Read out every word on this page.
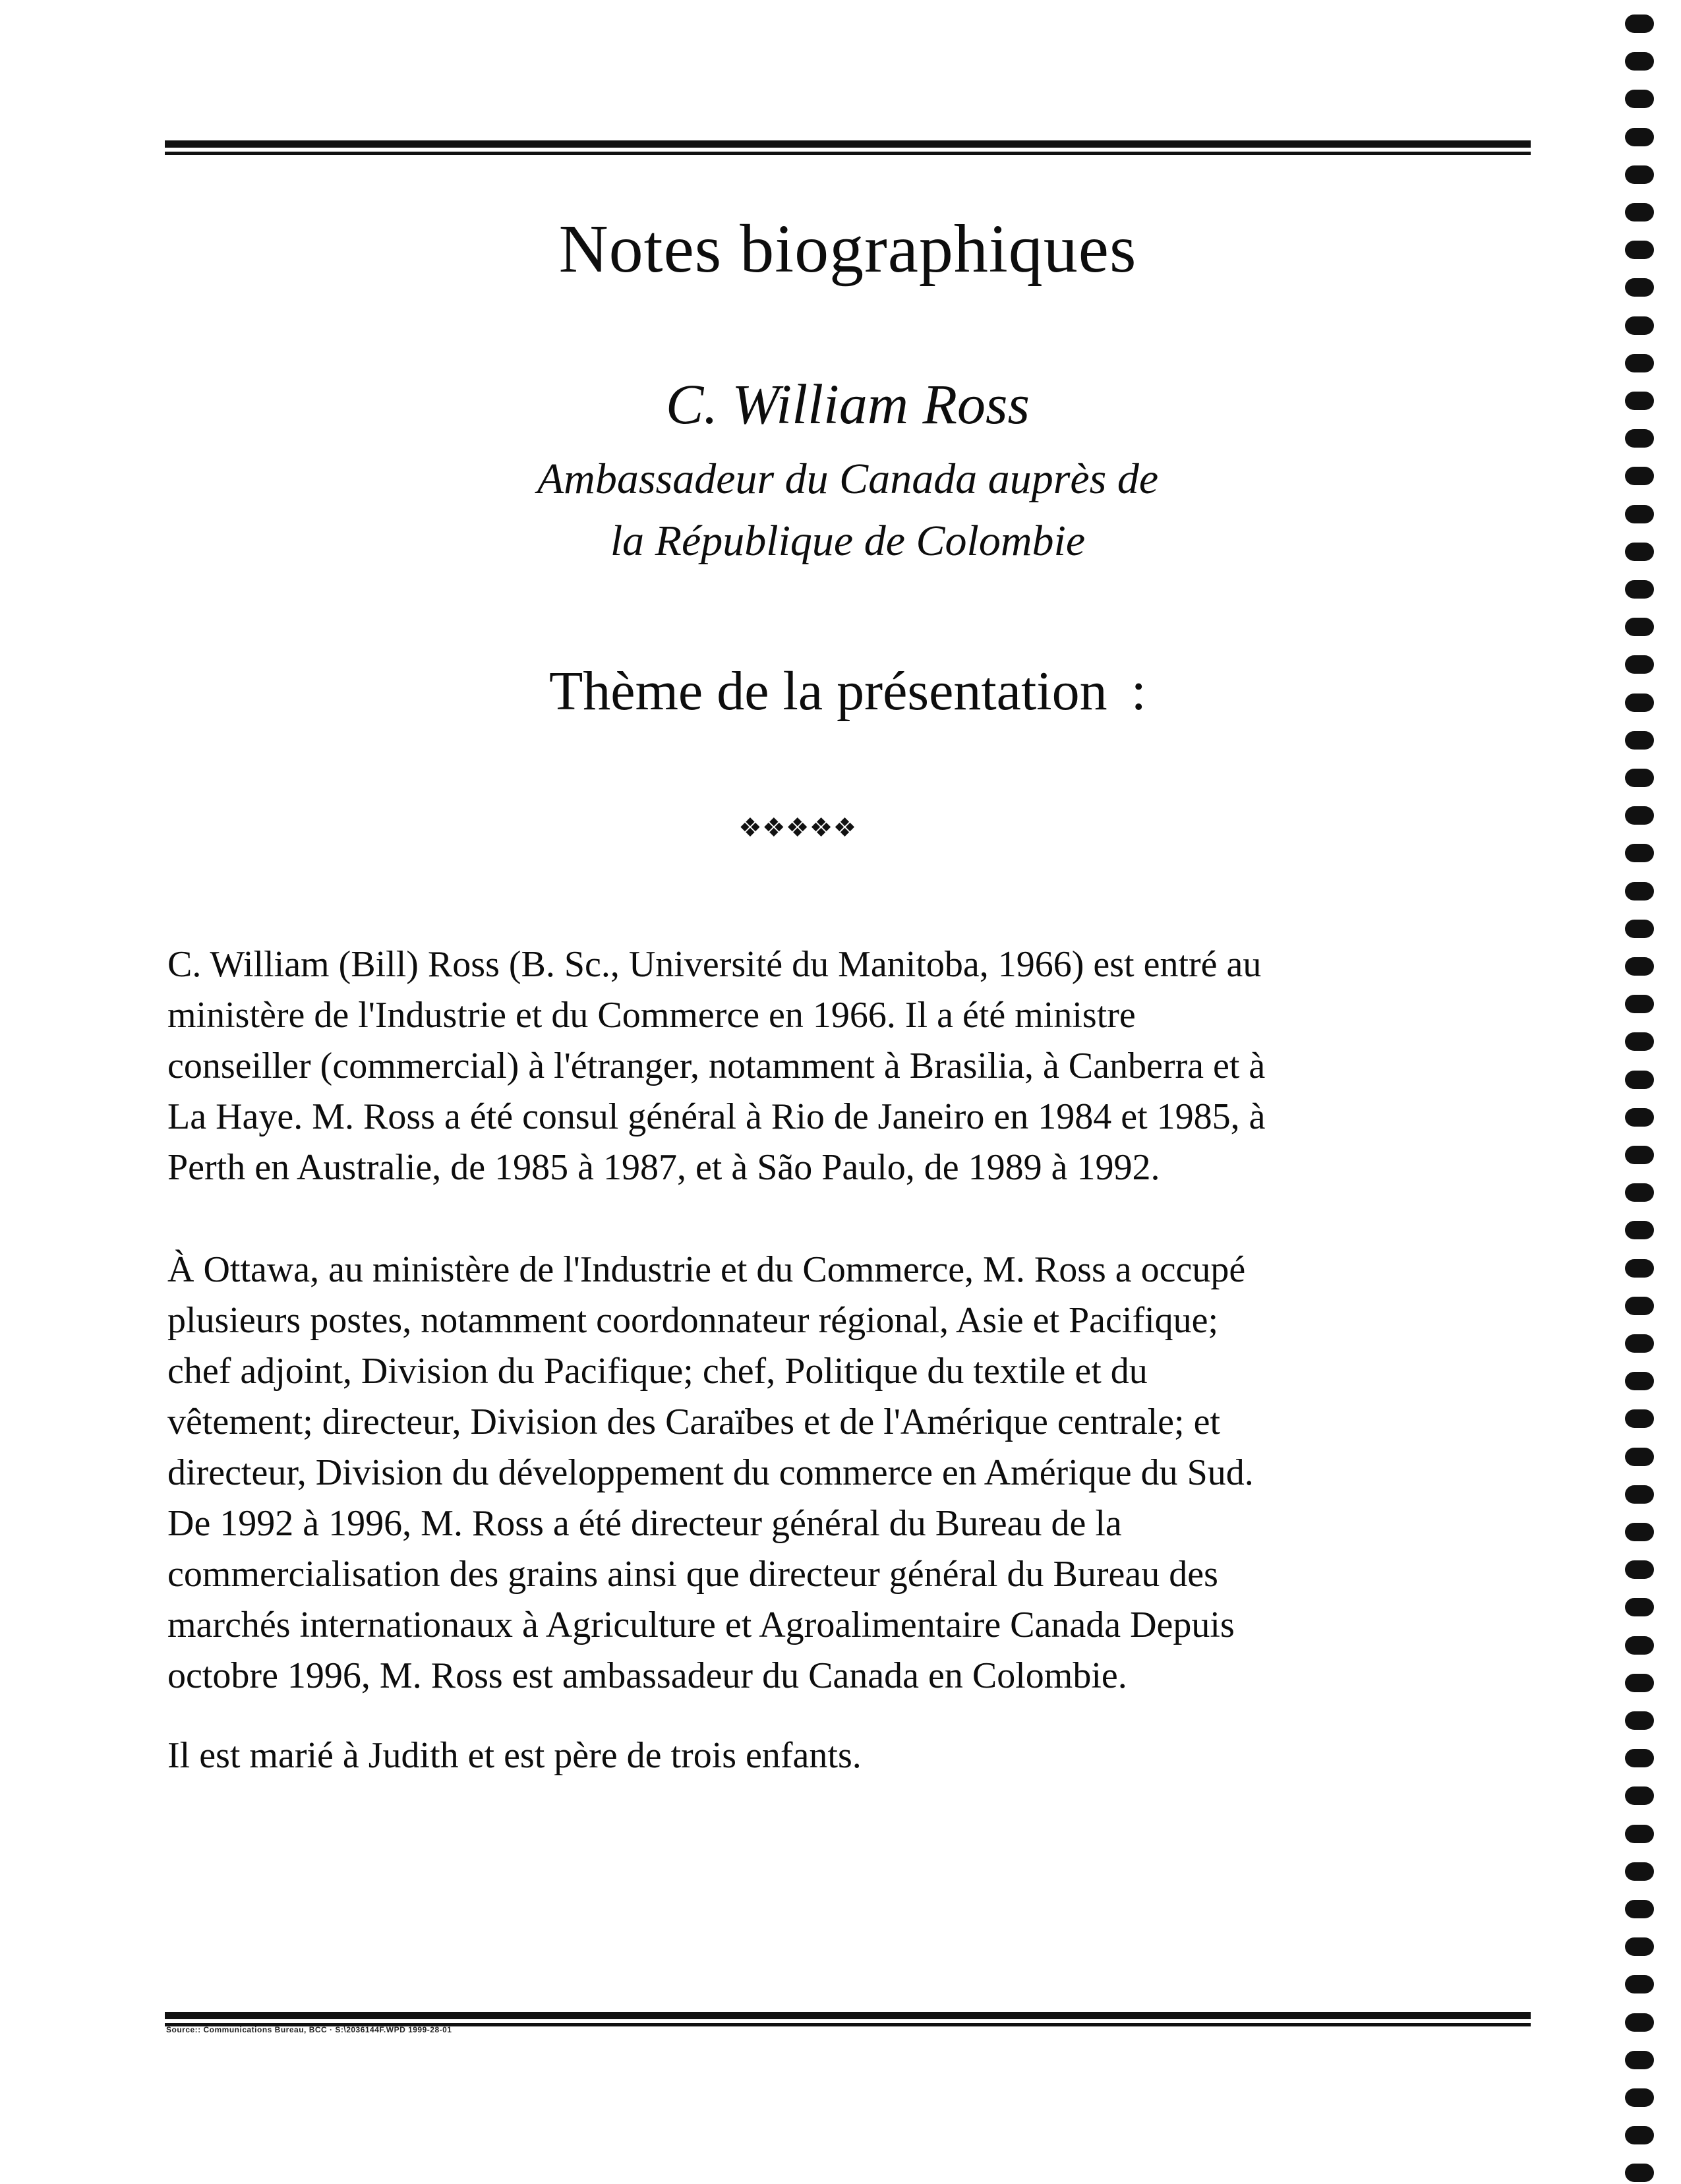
Notes biographiques
C. William Ross
Ambassadeur du Canada auprès de
la République de Colombie
Thème de la présentation :
❖❖❖❖❖
C. William (Bill) Ross (B. Sc., Université du Manitoba, 1966) est entré au
ministère de l'Industrie et du Commerce en 1966. Il a été ministre
conseiller (commercial) à l'étranger, notamment à Brasilia, à Canberra et à
La Haye. M. Ross a été consul général à Rio de Janeiro en 1984 et 1985, à
Perth en Australie, de 1985 à 1987, et à São Paulo, de 1989 à 1992.
À Ottawa, au ministère de l'Industrie et du Commerce, M. Ross a occupé
plusieurs postes, notamment coordonnateur régional, Asie et Pacifique;
chef adjoint, Division du Pacifique; chef, Politique du textile et du
vêtement; directeur, Division des Caraïbes et de l'Amérique centrale; et
directeur, Division du développement du commerce en Amérique du Sud.
De 1992 à 1996, M. Ross a été directeur général du Bureau de la
commercialisation des grains ainsi que directeur général du Bureau des
marchés internationaux à Agriculture et Agroalimentaire Canada Depuis
octobre 1996, M. Ross est ambassadeur du Canada en Colombie.
Il est marié à Judith et est père de trois enfants.
Source:: Communications Bureau, BCC · S:\2036144F.WPD 1999-28-01
